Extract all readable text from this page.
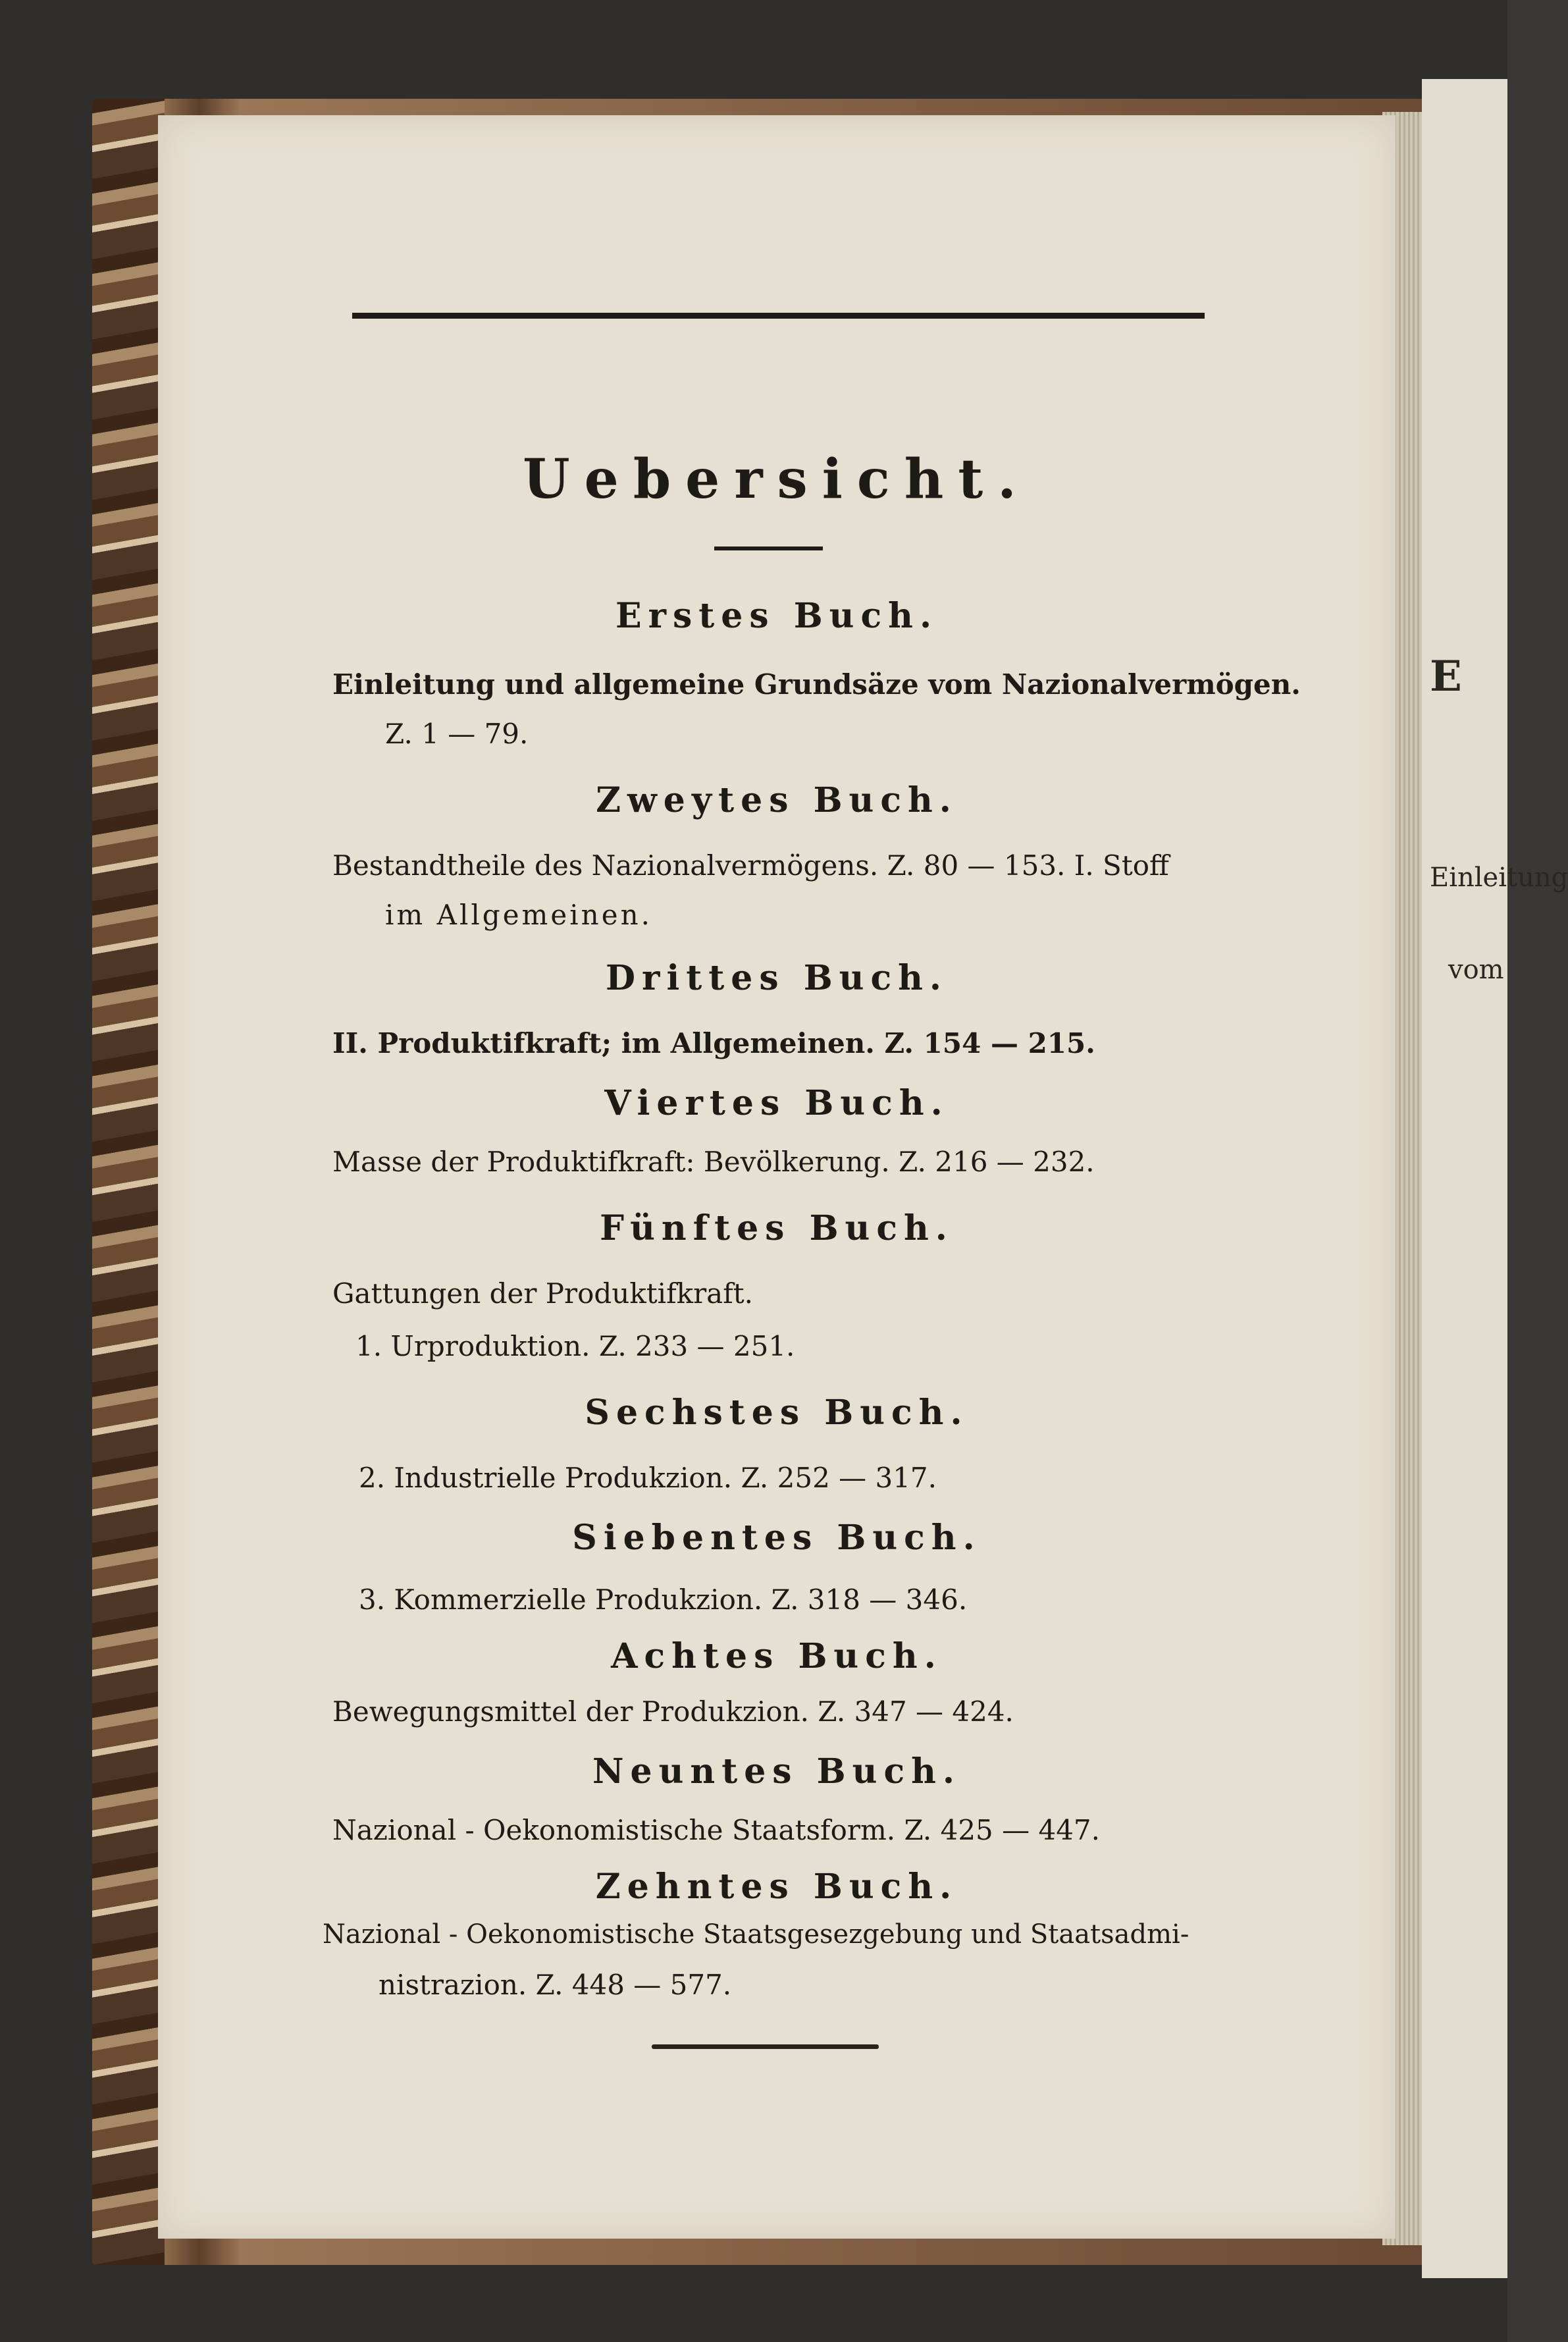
E
Einleitung
vom
Uebersicht.
Erstes Buch.
Einleitung und allgemeine Grundsäze vom Nazionalvermögen.
Z. 1 — 79.
Zweytes Buch.
Bestandtheile des Nazionalvermögens. Z. 80 — 153. I. Stoff
im Allgemeinen.
Drittes Buch.
II. Produktifkraft; im Allgemeinen. Z. 154 — 215.
Viertes Buch.
Masse der Produktifkraft: Bevölkerung. Z. 216 — 232.
Fünftes Buch.
Gattungen der Produktifkraft.
1. Urproduktion. Z. 233 — 251.
Sechstes Buch.
2. Industrielle Produkzion. Z. 252 — 317.
Siebentes Buch.
3. Kommerzielle Produkzion. Z. 318 — 346.
Achtes Buch.
Bewegungsmittel der Produkzion. Z. 347 — 424.
Neuntes Buch.
Nazional - Oekonomistische Staatsform. Z. 425 — 447.
Zehntes Buch.
Nazional - Oekonomistische Staatsgesezgebung und Staatsadmi-
nistrazion. Z. 448 — 577.
